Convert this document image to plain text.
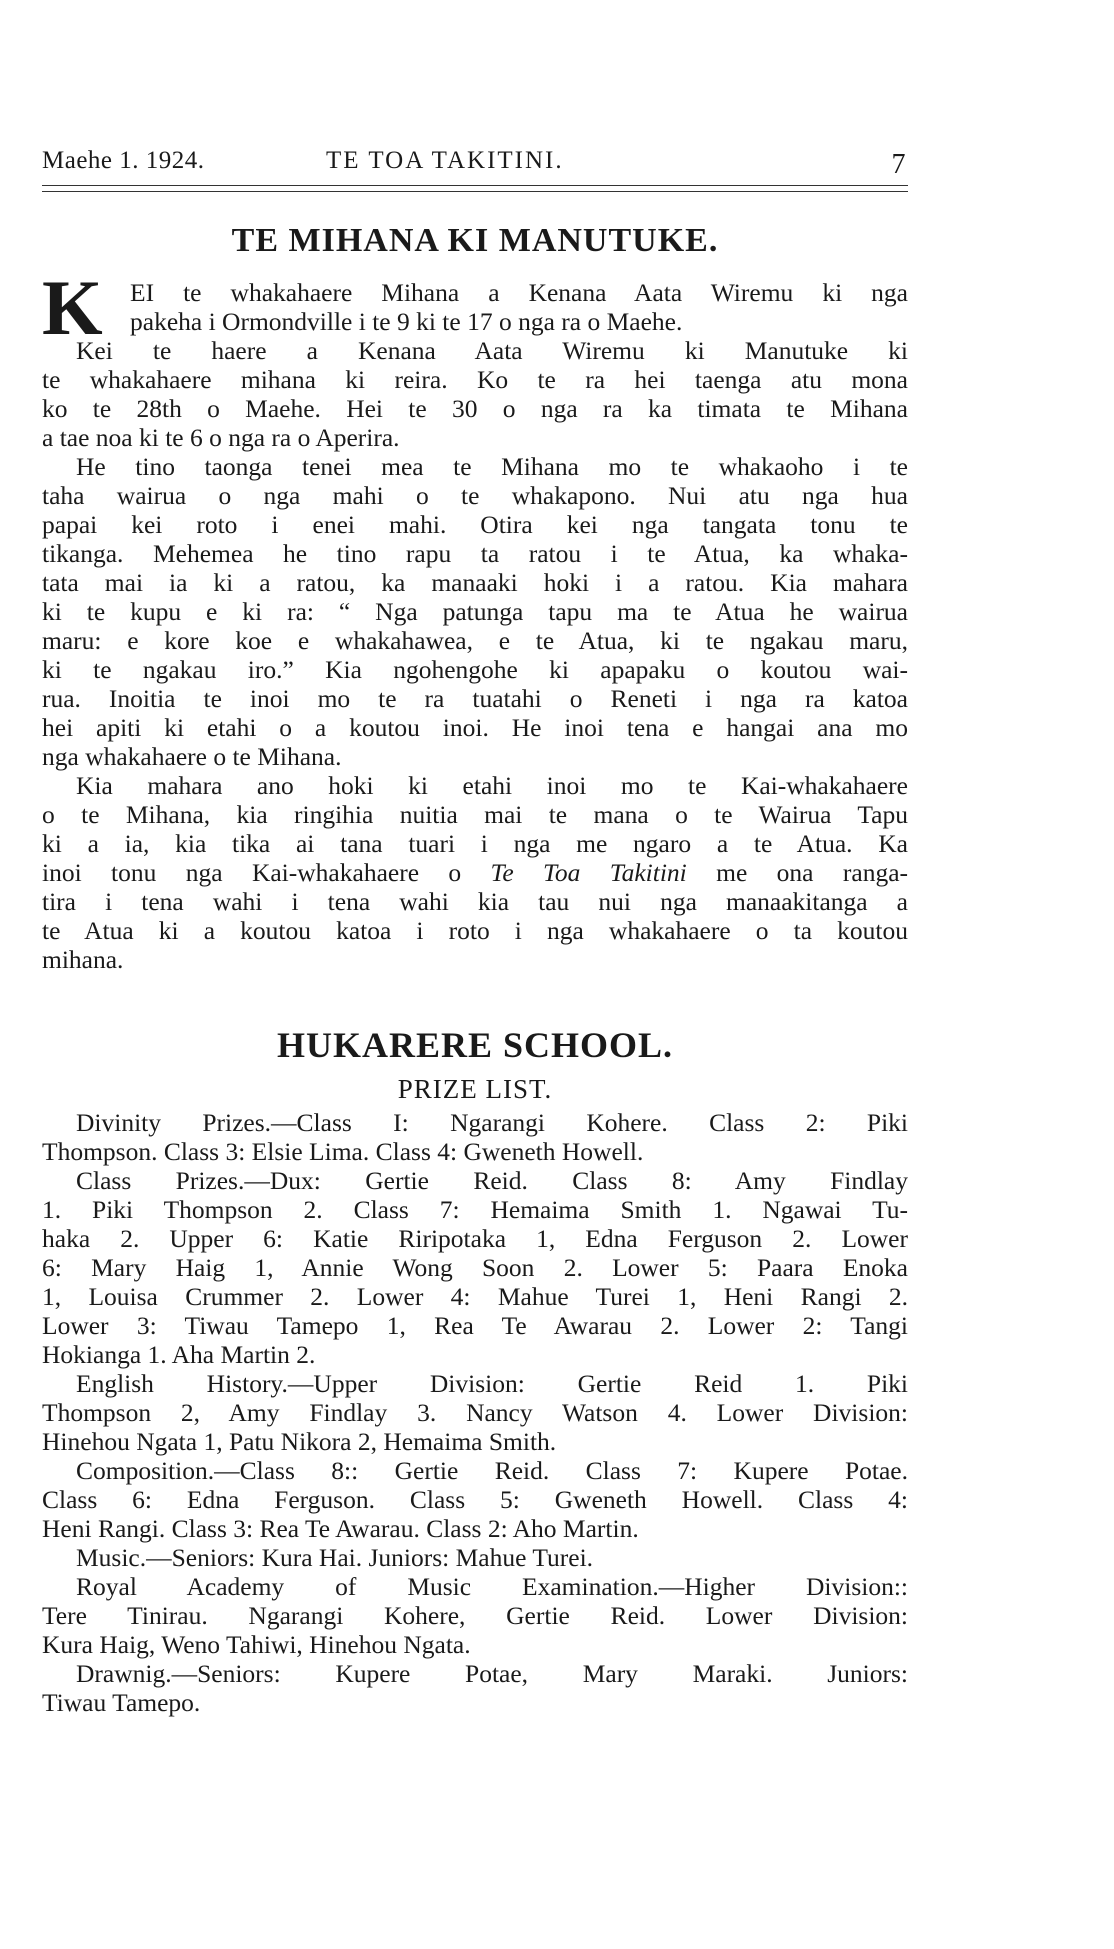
Maehe 1. 1924.	TE TOA TAKITINI.	7
TE MIHANA KI MANUTUKE.
K	EI te whakahaere Mihana a Kenana Aata Wiremu ki nga
pakeha i Ormondville i te 9 ki te 17 o nga ra o Maehe.
Kei te haere a Kenana Aata Wiremu ki Manutuke ki
te whakahaere mihana ki reira. Ko te ra hei taenga atu mona
ko te 28th o Maehe. Hei te 30 o nga ra ka timata te Mihana
a tae noa ki te 6 o nga ra o Aperira.
He tino taonga tenei mea te Mihana mo te whakaoho i te
taha wairua o nga mahi o te whakapono. Nui atu nga hua
papai kei roto i enei mahi. Otira kei nga tangata tonu te
tikanga. Mehemea he tino rapu ta ratou i te Atua, ka whaka-
tata mai ia ki a ratou, ka manaaki hoki i a ratou. Kia mahara
ki te kupu e ki ra: “ Nga patunga tapu ma te Atua he wairua
maru: e kore koe e whakahawea, e te Atua, ki te ngakau maru,
ki te ngakau iro.” Kia ngohengohe ki apapaku o koutou wai-
rua. Inoitia te inoi mo te ra tuatahi o Reneti i nga ra katoa
hei apiti ki etahi o a koutou inoi. He inoi tena e hangai ana mo
nga whakahaere o te Mihana.
Kia mahara ano hoki ki etahi inoi mo te Kai-whakahaere
o te Mihana, kia ringihia nuitia mai te mana o te Wairua Tapu
ki a ia, kia tika ai tana tuari i nga me ngaro a te Atua. Ka
inoi tonu nga Kai-whakahaere o Te Toa Takitini me ona ranga-
tira i tena wahi i tena wahi kia tau nui nga manaakitanga a
te Atua ki a koutou katoa i roto i nga whakahaere o ta koutou
mihana.
HUKARERE SCHOOL.
PRIZE LIST.
Divinity Prizes.—Class I: Ngarangi Kohere. Class 2: Piki
Thompson. Class 3: Elsie Lima. Class 4: Gweneth Howell.
Class Prizes.—Dux: Gertie Reid. Class 8: Amy Findlay
1. Piki Thompson 2. Class 7: Hemaima Smith 1. Ngawai Tu-
haka 2. Upper 6: Katie Riripotaka 1, Edna Ferguson 2. Lower
6: Mary Haig 1, Annie Wong Soon 2. Lower 5: Paara Enoka
1, Louisa Crummer 2. Lower 4: Mahue Turei 1, Heni Rangi 2.
Lower 3: Tiwau Tamepo 1, Rea Te Awarau 2. Lower 2: Tangi
Hokianga 1. Aha Martin 2.
English History.—Upper Division: Gertie Reid 1. Piki
Thompson 2, Amy Findlay 3. Nancy Watson 4. Lower Division:
Hinehou Ngata 1, Patu Nikora 2, Hemaima Smith.
Composition.—Class 8:: Gertie Reid. Class 7: Kupere Potae.
Class 6: Edna Ferguson. Class 5: Gweneth Howell. Class 4:
Heni Rangi. Class 3: Rea Te Awarau. Class 2: Aho Martin.
Music.—Seniors: Kura Hai. Juniors: Mahue Turei.
Royal Academy of Music Examination.—Higher Division::
Tere Tinirau. Ngarangi Kohere, Gertie Reid. Lower Division:
Kura Haig, Weno Tahiwi, Hinehou Ngata.
Drawnig.—Seniors: Kupere Potae, Mary Maraki. Juniors:
Tiwau Tamepo.
